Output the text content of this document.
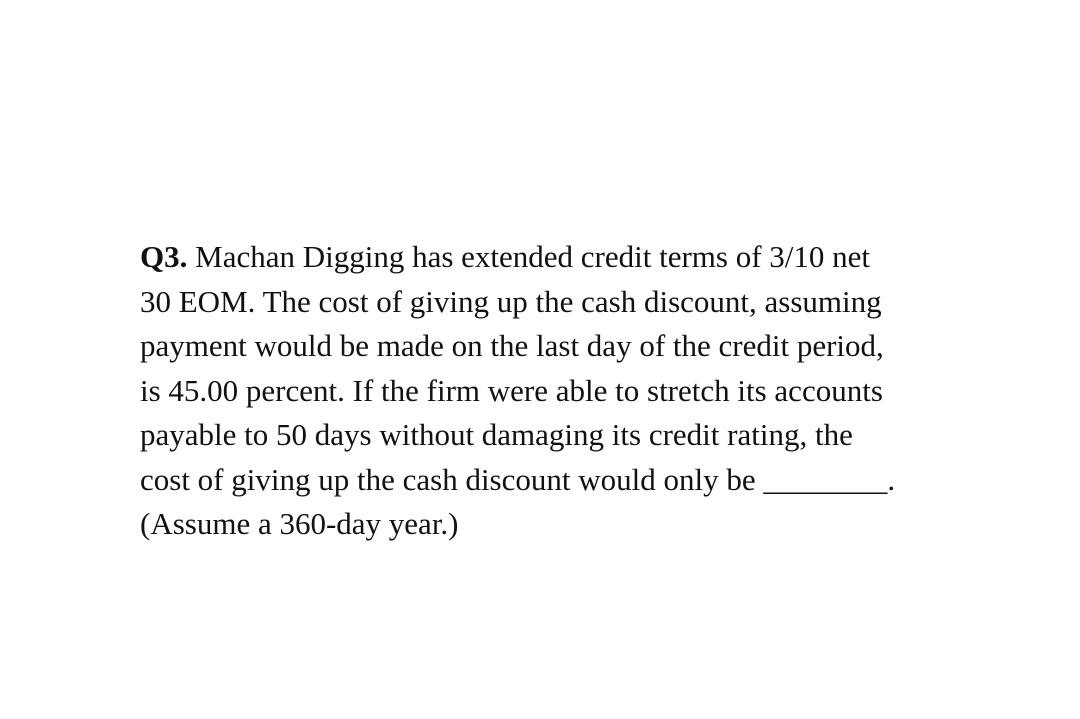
Q3. Machan Digging has extended credit terms of 3/10 net
30 EOM. The cost of giving up the cash discount, assuming
payment would be made on the last day of the credit period,
is 45.00 percent. If the firm were able to stretch its accounts
payable to 50 days without damaging its credit rating, the
cost of giving up the cash discount would only be ________.
(Assume a 360-day year.)
